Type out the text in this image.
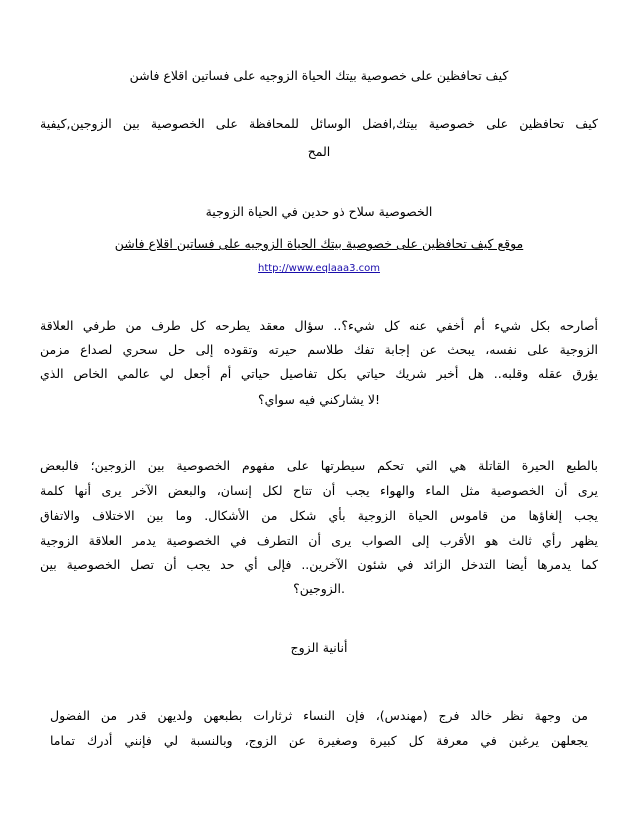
كيف تحافظين على خصوصية بيتك الحياة الزوجيه على فساتين اقلاع فاشن
كيف تحافظين على خصوصية بيتك,افضل الوسائل للمحافظة على الخصوصية بين الزوجين,كيفية
المح
الخصوصية سلاح ذو حدين في الحياة الزوجية
موقع كيف تحافظين على خصوصية بيتك الحياة الزوجيه على فساتين اقلاع فاشن
http://www.eqlaaa3.com
أصارحه بكل شيء أم أخفي عنه كل شيء؟.. سؤال معقد يطرحه كل طرف من طرفي العلاقة
الزوجية على نفسه، يبحث عن إجابة تفك طلاسم حيرته وتقوده إلى حل سحري لصداع مزمن
يؤرق عقله وقلبه.. هل أخبر شريك حياتي بكل تفاصيل حياتي أم أجعل لي عالمي الخاص الذي
!لا يشاركني فيه سواي؟
بالطبع الحيرة القاتلة هي التي تحكم سيطرتها على مفهوم الخصوصية بين الزوجين؛ فالبعض
يرى أن الخصوصية مثل الماء والهواء يجب أن تتاح لكل إنسان، والبعض الآخر يرى أنها كلمة
يجب إلغاؤها من قاموس الحياة الزوجية بأي شكل من الأشكال. وما بين الاختلاف والاتفاق
يظهر رأي ثالث هو الأقرب إلى الصواب يرى أن التطرف في الخصوصية يدمر العلاقة الزوجية
كما يدمرها أيضا التدخل الزائد في شئون الآخرين.. فإلى أي حد يجب أن تصل الخصوصية بين
.الزوجين؟
أنانية الزوج
من وجهة نظر خالد فرج (مهندس)، فإن النساء ثرثارات بطبعهن ولديهن قدر من الفضول
يجعلهن يرغبن في معرفة كل كبيرة وصغيرة عن الزوج، وبالنسبة لي فإنني أدرك تماما
